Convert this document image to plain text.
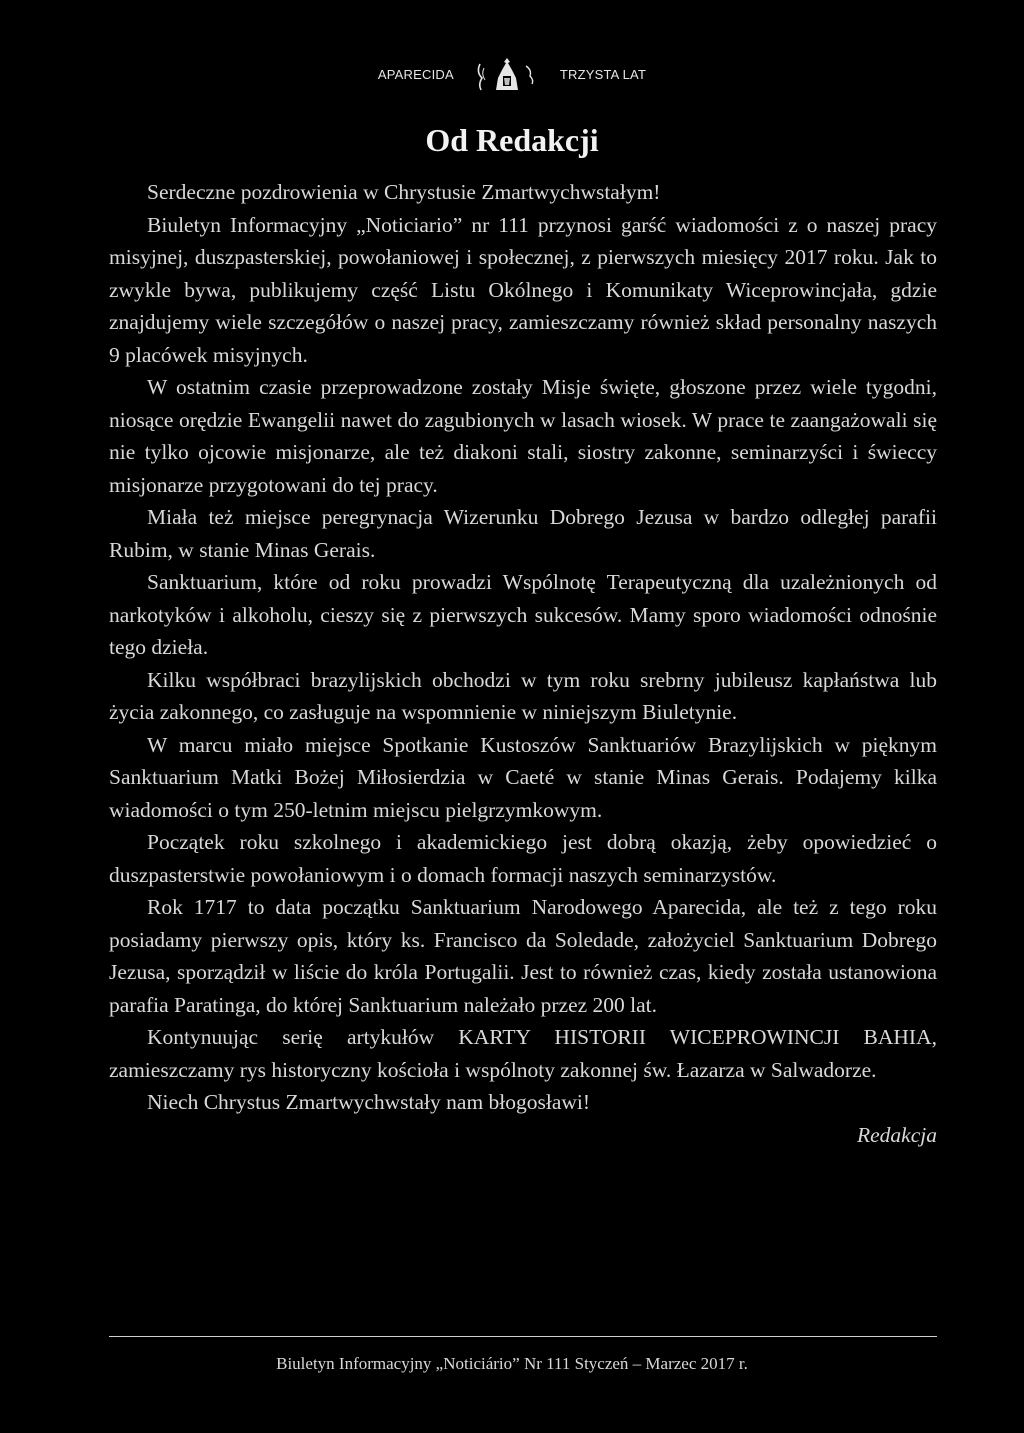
APARECIDA	TRZYSTA LAT
Od Redakcji

Serdeczne pozdrowienia w Chrystusie Zmartwychwstałym!

Biuletyn Informacyjny „Noticiario” nr 111 przynosi garść wiadomości z o naszej pracy misyjnej, duszpasterskiej, powołaniowej i społecznej, z pierwszych miesięcy 2017 roku. Jak to zwykle bywa, publikujemy część Listu Okólnego i Komunikaty Wiceprowincjała, gdzie znajdujemy wiele szczegółów o naszej pracy, zamieszczamy również skład personalny naszych 9 placówek misyjnych.

W ostatnim czasie przeprowadzone zostały Misje święte, głoszone przez wiele tygodni, niosące orędzie Ewangelii nawet do zagubionych w lasach wiosek. W prace te zaangażowali się nie tylko ojcowie misjonarze, ale też diakoni stali, siostry zakonne, seminarzyści i świeccy misjonarze przygotowani do tej pracy.

Miała też miejsce peregrynacja Wizerunku Dobrego Jezusa w bardzo odległej parafii Rubim, w stanie Minas Gerais.

Sanktuarium, które od roku prowadzi Wspólnotę Terapeutyczną dla uzależnionych od narkotyków i alkoholu, cieszy się z pierwszych sukcesów. Mamy sporo wiadomości odnośnie tego dzieła.

Kilku współbraci brazylijskich obchodzi w tym roku srebrny jubileusz kapłaństwa lub życia zakonnego, co zasługuje na wspomnienie w niniejszym Biuletynie.

W marcu miało miejsce Spotkanie Kustoszów Sanktuariów Brazylijskich w pięknym Sanktuarium Matki Bożej Miłosierdzia w Caeté w stanie Minas Gerais. Podajemy kilka wiadomości o tym 250-letnim miejscu pielgrzymkowym.

Początek roku szkolnego i akademickiego jest dobrą okazją, żeby opowiedzieć o duszpasterstwie powołaniowym i o domach formacji naszych seminarzystów.

Rok 1717 to data początku Sanktuarium Narodowego Aparecida, ale też z tego roku posiadamy pierwszy opis, który ks. Francisco da Soledade, założyciel Sanktuarium Dobrego Jezusa, sporządził w liście do króla Portugalii. Jest to również czas, kiedy została ustanowiona parafia Paratinga, do której Sanktuarium należało przez 200 lat.

Kontynuując serię artykułów KARTY HISTORII WICEPROWINCJI BAHIA, zamieszczamy rys historyczny kościoła i wspólnoty zakonnej św. Łazarza w Salwadorze.

Niech Chrystus Zmartwychwstały nam błogosławi!

Redakcja

Biuletyn Informacyjny „Noticiário” Nr 111 Styczeń – Marzec 2017 r.
